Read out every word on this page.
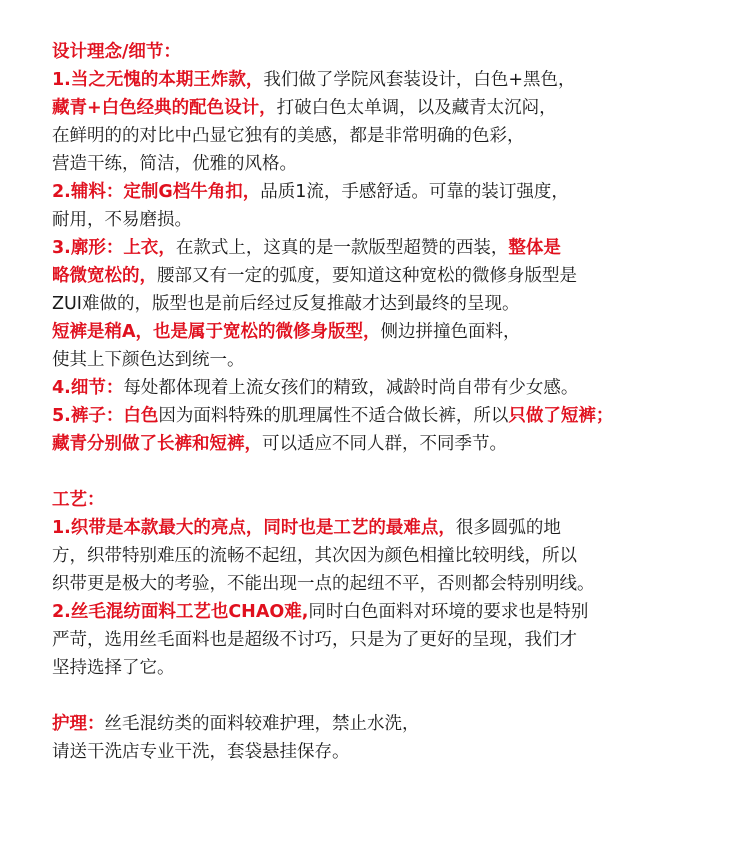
设计理念/细节：
1.当之无愧的本期王炸款，我们做了学院风套装设计，白色+黑色，
藏青+白色经典的配色设计，打破白色太单调，以及藏青太沉闷，
在鲜明的的对比中凸显它独有的美感，都是非常明确的色彩，
营造干练，简洁，优雅的风格。
2.辅料：定制G档牛角扣，品质1流，手感舒适。可靠的装订强度，
耐用，不易磨损。
3.廓形：上衣，在款式上，这真的是一款版型超赞的西装，整体是
略微宽松的，腰部又有一定的弧度，要知道这种宽松的微修身版型是
ZUI难做的，版型也是前后经过反复推敲才达到最终的呈现。
短裤是稍A，也是属于宽松的微修身版型，侧边拼撞色面料，
使其上下颜色达到统一。
4.细节：每处都体现着上流女孩们的精致，减龄时尚自带有少女感。
5.裤子：白色因为面料特殊的肌理属性不适合做长裤，所以只做了短裤；
藏青分别做了长裤和短裤，可以适应不同人群，不同季节。
工艺：
1.织带是本款最大的亮点，同时也是工艺的最难点，很多圆弧的地
方，织带特别难压的流畅不起纽，其次因为颜色相撞比较明线，所以
织带更是极大的考验，不能出现一点的起纽不平，否则都会特别明线。
2.丝毛混纺面料工艺也CHAO难,同时白色面料对环境的要求也是特别
严苛，选用丝毛面料也是超级不讨巧，只是为了更好的呈现，我们才
坚持选择了它。
护理：丝毛混纺类的面料较难护理，禁止水洗，
请送干洗店专业干洗，套袋悬挂保存。
